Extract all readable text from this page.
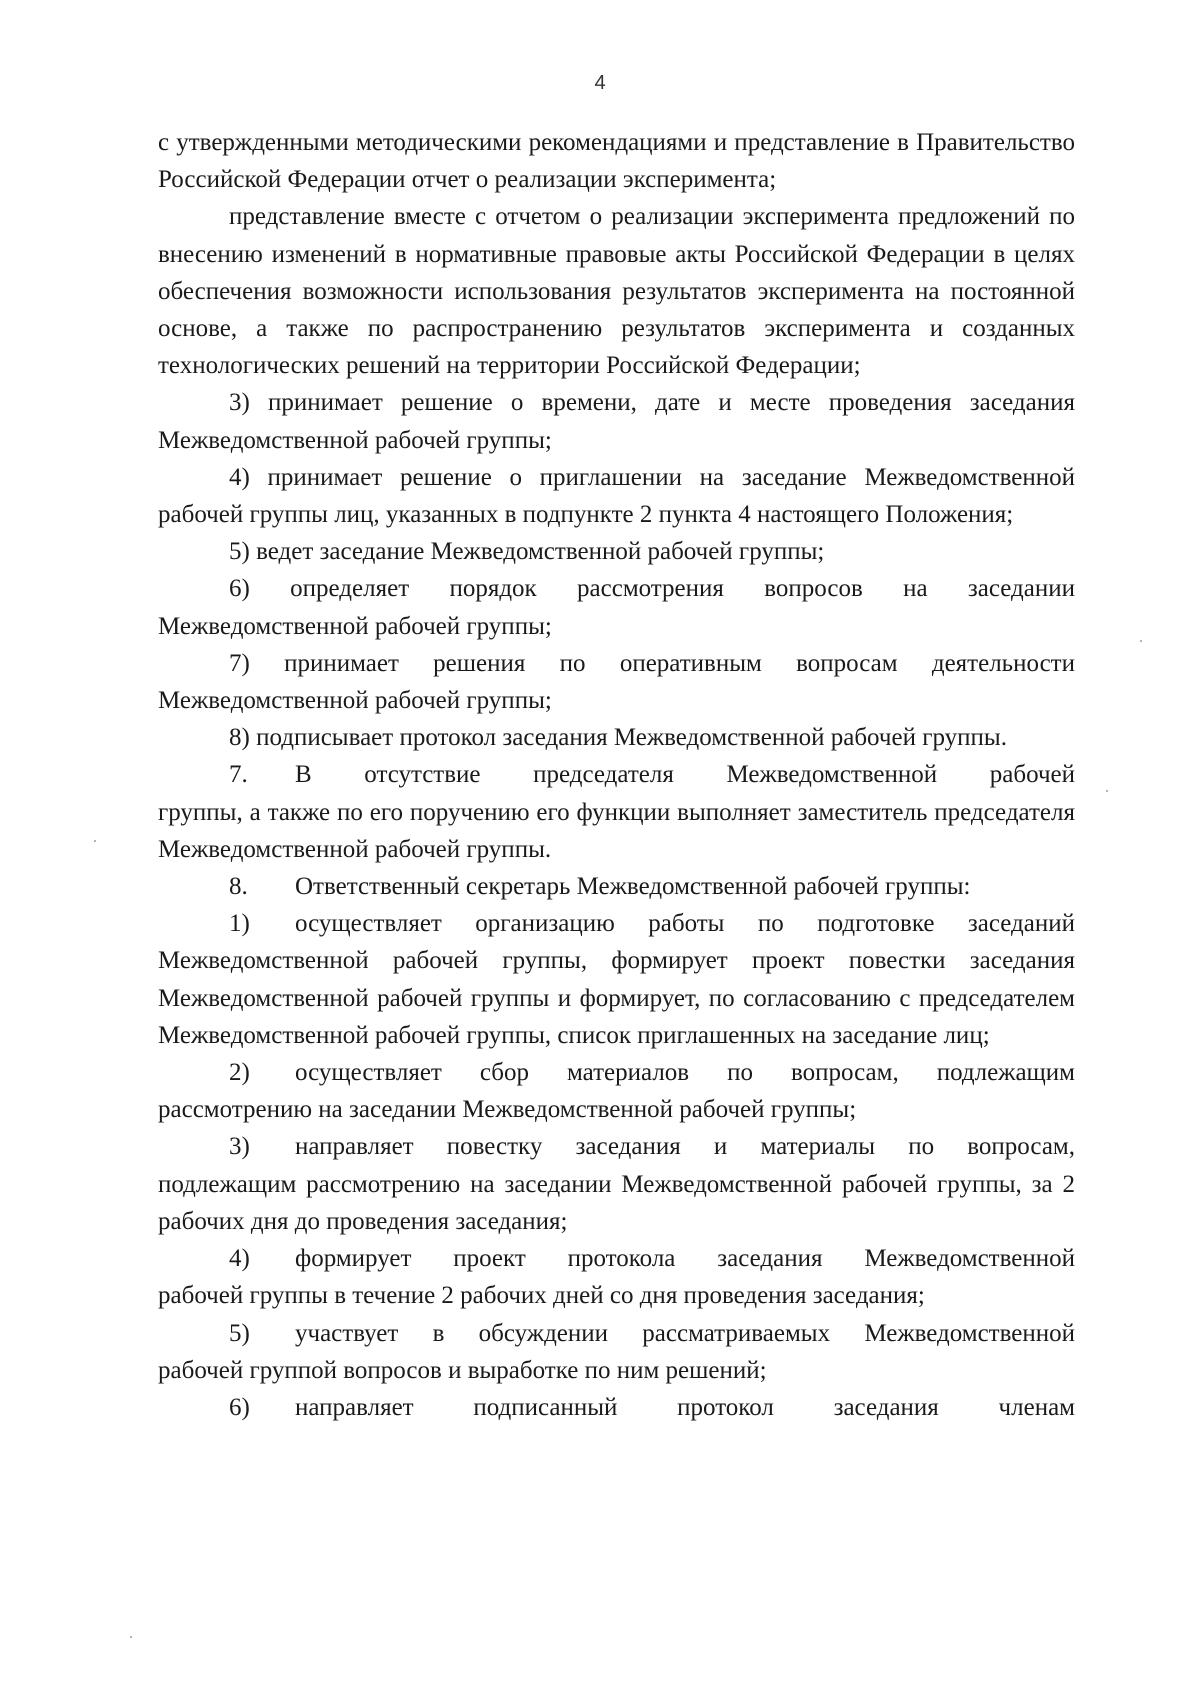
4

с утвержденными методическими рекомендациями и представление в Правительство Российской Федерации отчет о реализации эксперимента;

представление вместе с отчетом о реализации эксперимента предложений по внесению изменений в нормативные правовые акты Российской Федерации в целях обеспечения возможности использования результатов эксперимента на постоянной основе, а также по распространению результатов эксперимента и созданных технологических решений на территории Российской Федерации;

3) принимает решение о времени, дате и месте проведения заседания Межведомственной рабочей группы;

4) принимает решение о приглашении на заседание Межведомственной рабочей группы лиц, указанных в подпункте 2 пункта 4 настоящего Положения;

5) ведет заседание Межведомственной рабочей группы;

6) определяет порядок рассмотрения вопросов на заседании Межведомственной рабочей группы;

7) принимает решения по оперативным вопросам деятельности Межведомственной рабочей группы;

8) подписывает протокол заседания Межведомственной рабочей группы.

7.	В отсутствие председателя Межведомственной рабочей

группы, а также по его поручению его функции выполняет заместитель председателя Межведомственной рабочей группы.

8.	Ответственный секретарь Межведомственной рабочей группы:
1)	осуществляет организацию работы по подготовке заседаний

Межведомственной рабочей группы, формирует проект повестки заседания Межведомственной рабочей группы и формирует, по согласованию с председателем Межведомственной рабочей группы, список приглашенных на заседание лиц;

2)	осуществляет сбор материалов по вопросам, подлежащим

рассмотрению на заседании Межведомственной рабочей группы;

3)	направляет повестку заседания и материалы по вопросам,

подлежащим рассмотрению на заседании Межведомственной рабочей группы, за 2 рабочих дня до проведения заседания;

4)	формирует проект протокола заседания Межведомственной

рабочей группы в течение 2 рабочих дней со дня проведения заседания;

5)	участвует в обсуждении рассматриваемых Межведомственной

рабочей группой вопросов и выработке по ним решений;

6)	направляет подписанный протокол заседания членам
